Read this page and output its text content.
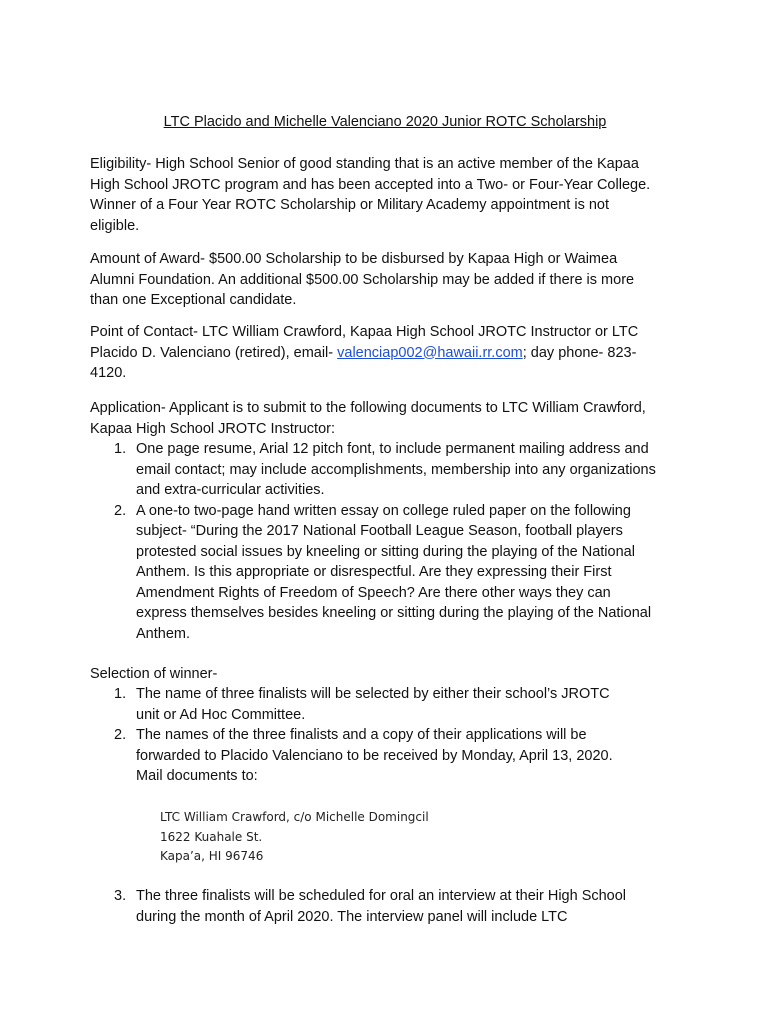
LTC Placido and Michelle Valenciano 2020 Junior ROTC Scholarship
Eligibility- High School Senior of good standing that is an active member of the Kapaa
High School JROTC program and has been accepted into a Two- or Four-Year College.
Winner of a Four Year ROTC Scholarship or Military Academy appointment is not
eligible.
Amount of Award- $500.00 Scholarship to be disbursed by Kapaa High or Waimea
Alumni Foundation. An additional $500.00 Scholarship may be added if there is more
than one Exceptional candidate.
Point of Contact- LTC William Crawford, Kapaa High School JROTC Instructor or LTC
Placido D. Valenciano (retired), email- valenciap002@hawaii.rr.com; day phone- 823-
4120.
Application- Applicant is to submit to the following documents to LTC William Crawford,
Kapaa High School JROTC Instructor:
1. One page resume, Arial 12 pitch font, to include permanent mailing address and
email contact; may include accomplishments, membership into any organizations
and extra-curricular activities.
2. A one-to two-page hand written essay on college ruled paper on the following
subject- “During the 2017 National Football League Season, football players
protested social issues by kneeling or sitting during the playing of the National
Anthem. Is this appropriate or disrespectful. Are they expressing their First
Amendment Rights of Freedom of Speech? Are there other ways they can
express themselves besides kneeling or sitting during the playing of the National
Anthem.
Selection of winner-
1. The name of three finalists will be selected by either their school’s JROTC
unit or Ad Hoc Committee.
2. The names of the three finalists and a copy of their applications will be
forwarded to Placido Valenciano to be received by Monday, April 13, 2020.
Mail documents to:
LTC William Crawford, c/o Michelle Domingcil
1622 Kuahale St.
Kapa’a, HI 96746
3. The three finalists will be scheduled for oral an interview at their High School
during the month of April 2020. The interview panel will include LTC
